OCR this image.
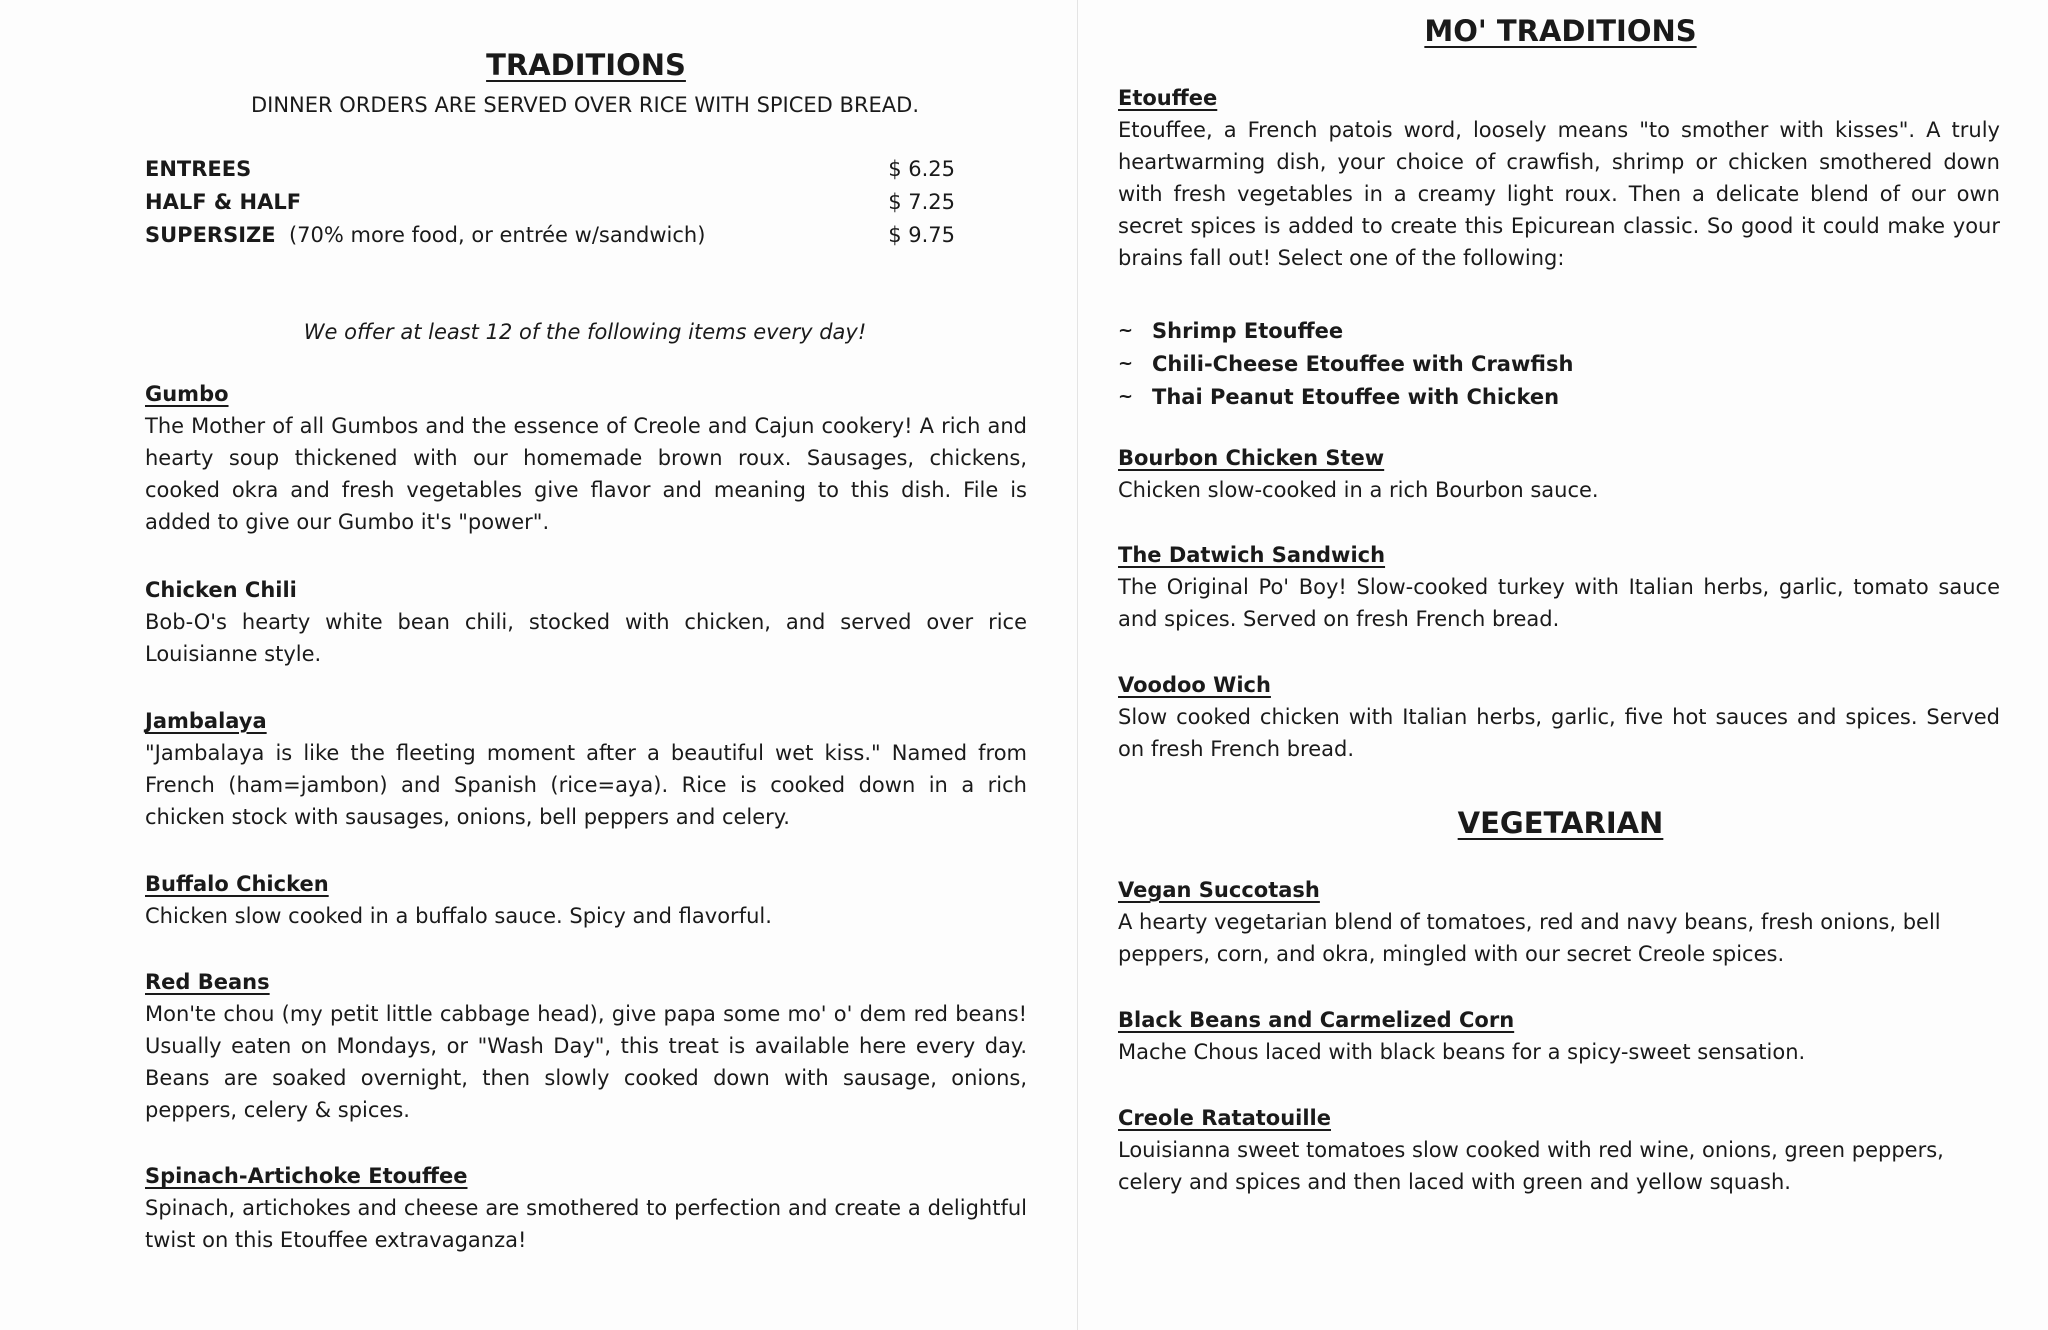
TRADITIONS

DINNER ORDERS ARE SERVED OVER RICE WITH SPICED BREAD.

ENTREES	$ 6.25
HALF & HALF	$ 7.25
SUPERSIZE (70% more food, or entrée w/sandwich)	$ 9.75

We offer at least 12 of the following items every day!

Gumbo

The Mother of all Gumbos and the essence of Creole and Cajun cookery! A rich and hearty soup thickened with our homemade brown roux. Sausages, chickens, cooked okra and fresh vegetables give flavor and meaning to this dish. File is added to give our Gumbo it's "power".

Chicken Chili

Bob-O's hearty white bean chili, stocked with chicken, and served over rice Louisianne style.

Jambalaya

"Jambalaya is like the fleeting moment after a beautiful wet kiss." Named from French (ham=jambon) and Spanish (rice=aya). Rice is cooked down in a rich chicken stock with sausages, onions, bell peppers and celery.

Buffalo Chicken

Chicken slow cooked in a buffalo sauce. Spicy and flavorful.

Red Beans

Mon'te chou (my petit little cabbage head), give papa some mo' o' dem red beans! Usually eaten on Mondays, or "Wash Day", this treat is available here every day. Beans are soaked overnight, then slowly cooked down with sausage, onions, peppers, celery & spices.

Spinach-Artichoke Etouffee

Spinach, artichokes and cheese are smothered to perfection and create a delightful twist on this Etouffee extravaganza!

MO' TRADITIONS
Etouffee

Etouffee, a French patois word, loosely means "to smother with kisses". A truly heartwarming dish, your choice of crawfish, shrimp or chicken smothered down with fresh vegetables in a creamy light roux. Then a delicate blend of our own secret spices is added to create this Epicurean classic. So good it could make your brains fall out! Select one of the following:

~ Shrimp Etouffee
~ Chili-Cheese Etouffee with Crawfish
~ Thai Peanut Etouffee with Chicken
Bourbon Chicken Stew

Chicken slow-cooked in a rich Bourbon sauce.

The Datwich Sandwich

The Original Po' Boy! Slow-cooked turkey with Italian herbs, garlic, tomato sauce and spices. Served on fresh French bread.

Voodoo Wich

Slow cooked chicken with Italian herbs, garlic, five hot sauces and spices. Served on fresh French bread.

VEGETARIAN
Vegan Succotash

A hearty vegetarian blend of tomatoes, red and navy beans, fresh onions, bell peppers, corn, and okra, mingled with our secret Creole spices.

Black Beans and Carmelized Corn

Mache Chous laced with black beans for a spicy-sweet sensation.

Creole Ratatouille

Louisianna sweet tomatoes slow cooked with red wine, onions, green peppers, celery and spices and then laced with green and yellow squash.
